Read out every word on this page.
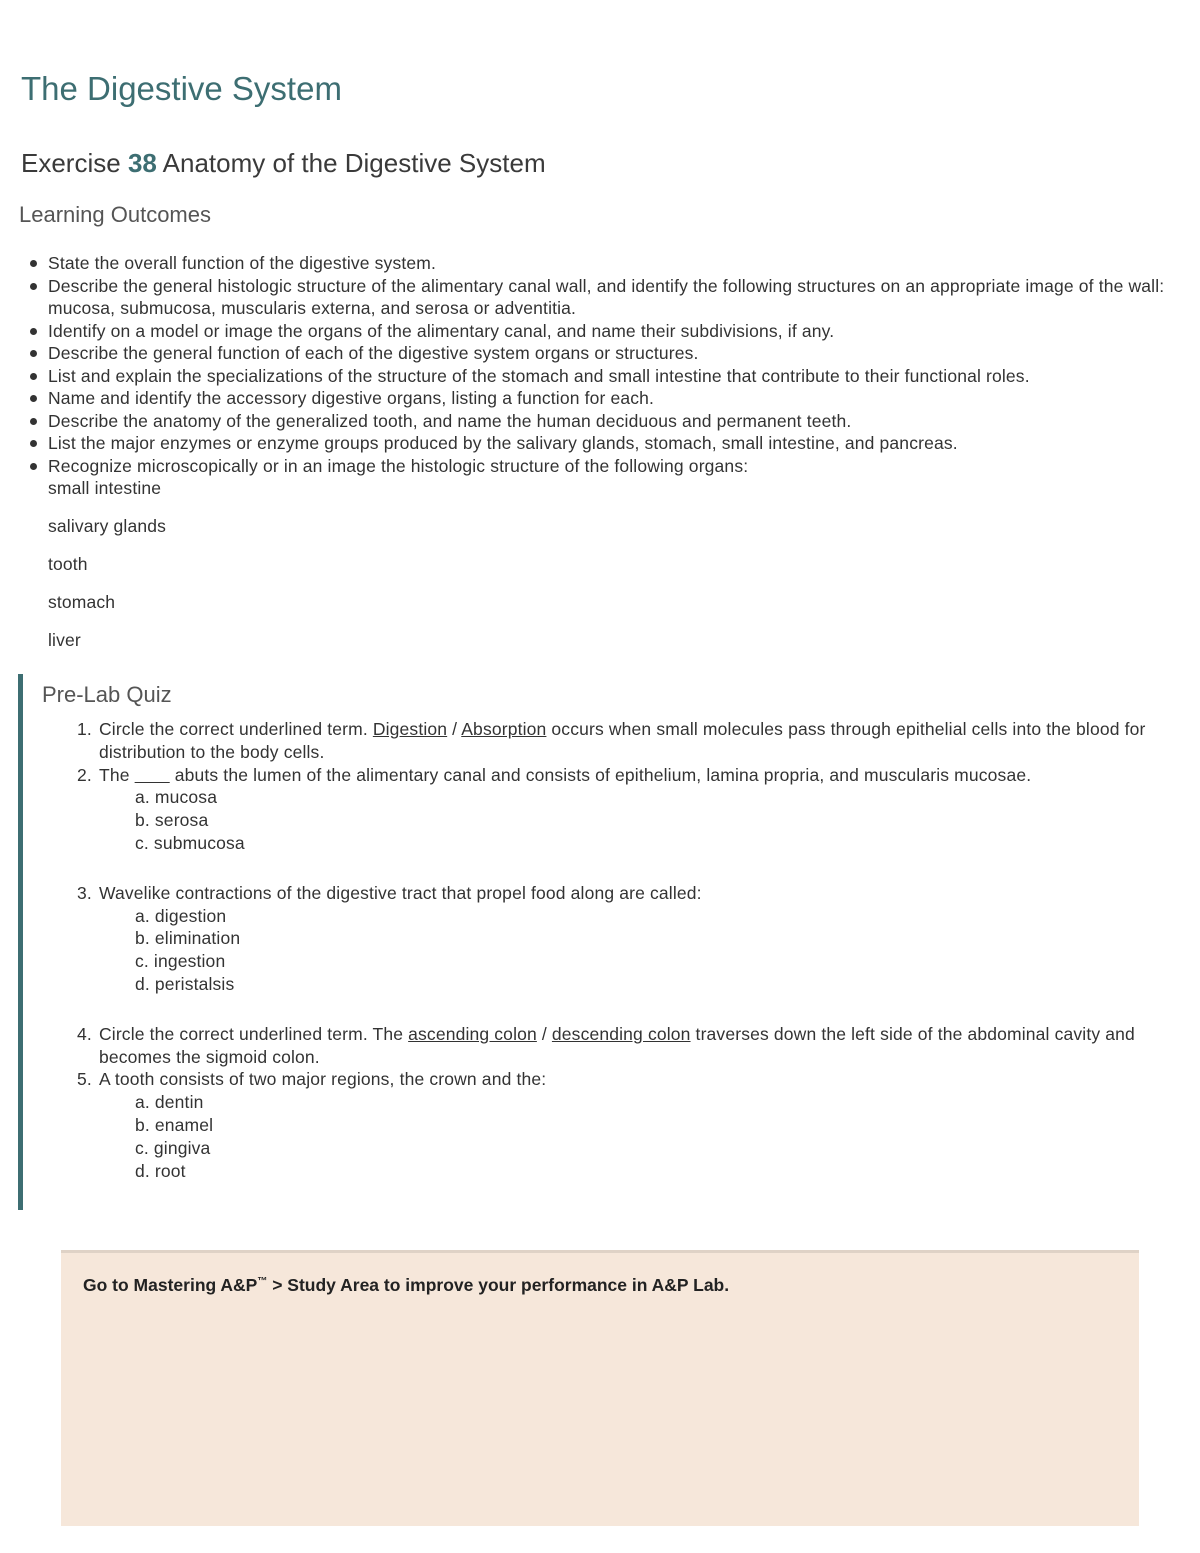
The Digestive System
Exercise 38 Anatomy of the Digestive System
Learning Outcomes
State the overall function of the digestive system.
Describe the general histologic structure of the alimentary canal wall, and identify the following structures on an appropriate image of the wall: mucosa, submucosa, muscularis externa, and serosa or adventitia.
Identify on a model or image the organs of the alimentary canal, and name their subdivisions, if any.
Describe the general function of each of the digestive system organs or structures.
List and explain the specializations of the structure of the stomach and small intestine that contribute to their functional roles.
Name and identify the accessory digestive organs, listing a function for each.
Describe the anatomy of the generalized tooth, and name the human deciduous and permanent teeth.
List the major enzymes or enzyme groups produced by the salivary glands, stomach, small intestine, and pancreas.
Recognize microscopically or in an image the histologic structure of the following organs:
small intestine
salivary glands
tooth
stomach
liver
Pre-Lab Quiz
1. Circle the correct underlined term. Digestion / Absorption occurs when small molecules pass through epithelial cells into the blood for distribution to the body cells.
2. The         abuts the lumen of the alimentary canal and consists of epithelium, lamina propria, and muscularis mucosae.
a. mucosa
b. serosa
c. submucosa
3. Wavelike contractions of the digestive tract that propel food along are called:
a. digestion
b. elimination
c. ingestion
d. peristalsis
4. Circle the correct underlined term. The ascending colon / descending colon traverses down the left side of the abdominal cavity and becomes the sigmoid colon.
5. A tooth consists of two major regions, the crown and the:
a. dentin
b. enamel
c. gingiva
d. root

Go to Mastering A&P™ > Study Area to improve your performance in A&P Lab.
